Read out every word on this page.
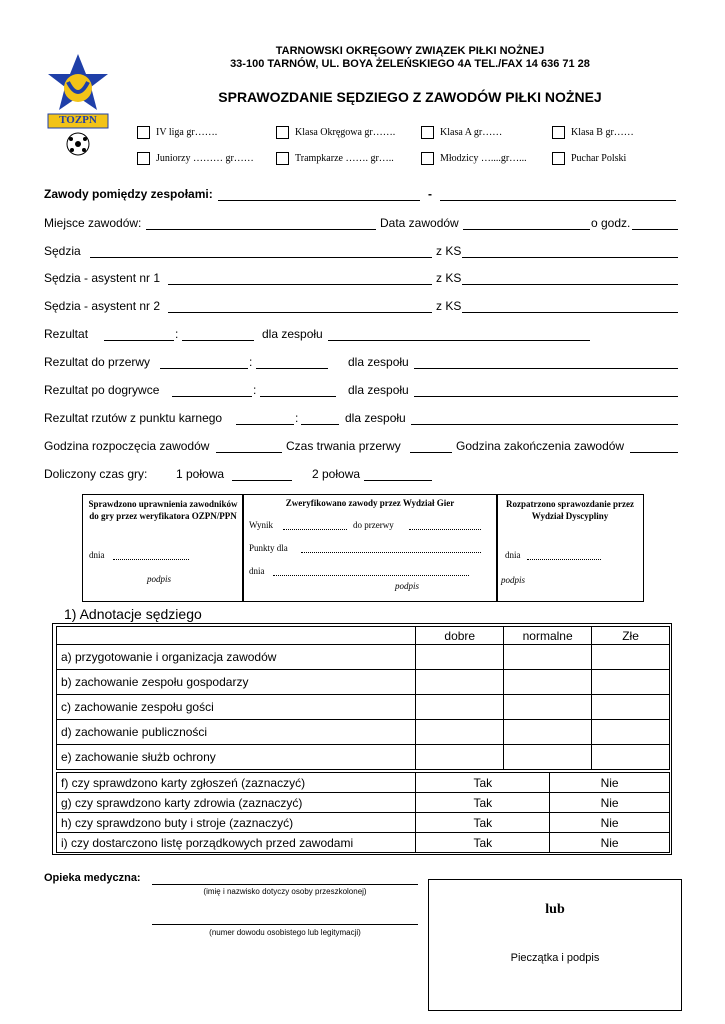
TOZPN
TARNOWSKI OKRĘGOWY ZWIĄZEK PIŁKI NOŻNEJ
33-100 TARNÓW, UL. BOYA ŻELEŃSKIEGO 4A TEL./FAX 14 636 71 28
SPRAWOZDANIE SĘDZIEGO Z ZAWODÓW PIŁKI NOŻNEJ
IV liga gr…….	Klasa Okręgowa gr…….	Klasa A gr……	Klasa B gr……
Juniorzy ……… gr……	Trampkarze ……. gr…..	Młodzicy …....gr…...	Puchar Polski
Zawody pomiędzy zespołami:	-
Miejsce zawodów:	Data zawodów	o godz.
Sędzia	z KS
Sędzia - asystent nr 1	z KS
Sędzia - asystent nr 2	z KS
Rezultat	:	dla zespołu
Rezultat do przerwy	:	dla zespołu
Rezultat po dogrywce	:	dla zespołu
Rezultat rzutów z punktu karnego	:	dla zespołu
Godzina rozpoczęcia zawodów	Czas trwania przerwy	Godzina zakończenia zawodów
Doliczony czas gry: 1 połowa	2 połowa
Sprawdzono uprawnienia zawodników do gry przez weryfikatora OZPN/PPN
dnia
podpis
Zweryfikowano zawody przez Wydział Gier
Wynik	do przerwy
Punkty dla
dnia
podpis
Rozpatrzono sprawozdanie przez Wydział Dyscypliny
dnia
podpis
1) Adnotacje sędziego
	dobre	normalne	Złe
a) przygotowanie i organizacja zawodów			
b) zachowanie zespołu gospodarzy			
c) zachowanie zespołu gości			
d) zachowanie publiczności			
e) zachowanie służb ochrony			
f) czy sprawdzono karty zgłoszeń (zaznaczyć)	Tak	Nie
g) czy sprawdzono karty zdrowia (zaznaczyć)	Tak	Nie
h) czy sprawdzono buty i stroje (zaznaczyć)	Tak	Nie
i) czy dostarczono listę porządkowych przed zawodami	Tak	Nie
Opieka medyczna:
(imię i nazwisko dotyczy osoby przeszkolonej)
(numer dowodu osobistego lub legitymacji)
lub
Pieczątka i podpis
